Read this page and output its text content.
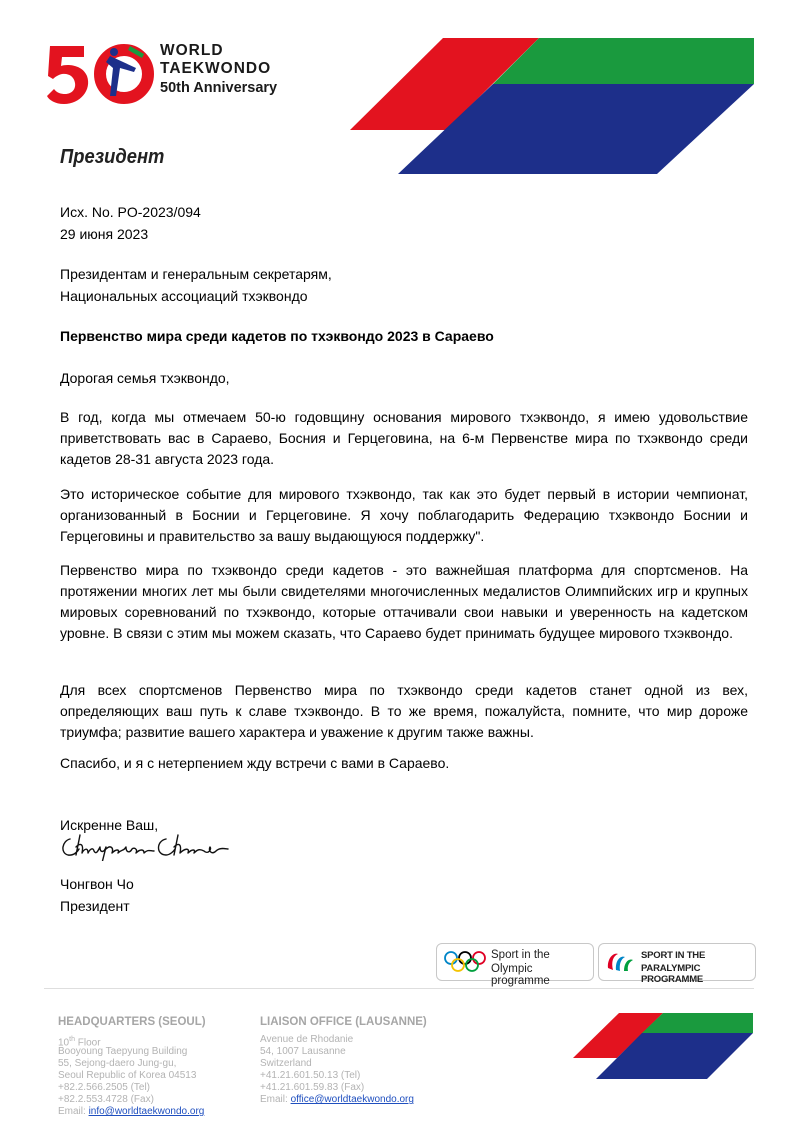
WORLD
TAEKWONDO
50th Anniversary
Президент
Исх. No. PO-2023/094
29 июня 2023
Президентам и генеральным секретарям,
Национальных ассоциаций тхэквондо
Первенство мира среди кадетов по тхэквондо 2023 в Сараево
Дорогая семья тхэквондо,

В год, когда мы отмечаем 50-ю годовщину основания мирового тхэквондо, я имею удовольствие приветствовать вас в Сараево, Босния и Герцеговина, на 6-м Первенстве мира по тхэквондо среди кадетов 28-31 августа 2023 года.

Это историческое событие для мирового тхэквондо, так как это будет первый в истории чемпионат, организованный в Боснии и Герцеговине. Я хочу поблагодарить Федерацию тхэквондо Боснии и Герцеговины и правительство за вашу выдающуюся поддержку".

Первенство мира по тхэквондо среди кадетов - это важнейшая платформа для спортсменов. На протяжении многих лет мы были свидетелями многочисленных медалистов Олимпийских игр и крупных мировых соревнований по тхэквондо, которые оттачивали свои навыки и уверенность на кадетском уровне. В связи с этим мы можем сказать, что Сараево будет принимать будущее мирового тхэквондо.

Для всех спортсменов Первенство мира по тхэквондо среди кадетов станет одной из вех, определяющих ваш путь к славе тхэквондо. В то же время, пожалуйста, помните, что мир дороже триумфа; развитие вашего характера и уважение к другим также важны.

Спасибо, и я с нетерпением жду встречи с вами в Сараево.
Искренне Ваш,
Чонгвон Чо
Президент
Sport in the
Olympic programme
SPORT IN THE
PARALYMPIC PROGRAMME
HEADQUARTERS (SEOUL)
10th Floor
Booyoung Taepyung Building
55, Sejong-daero Jung-gu,
Seoul Republic of Korea 04513
+82.2.566.2505 (Tel)
+82.2.553.4728 (Fax)
Email: info@worldtaekwondo.org
LIAISON OFFICE (LAUSANNE)
Avenue de Rhodanie
54, 1007 Lausanne
Switzerland
+41.21.601.50.13 (Tel)
+41.21.601.59.83 (Fax)
Email: office@worldtaekwondo.org
